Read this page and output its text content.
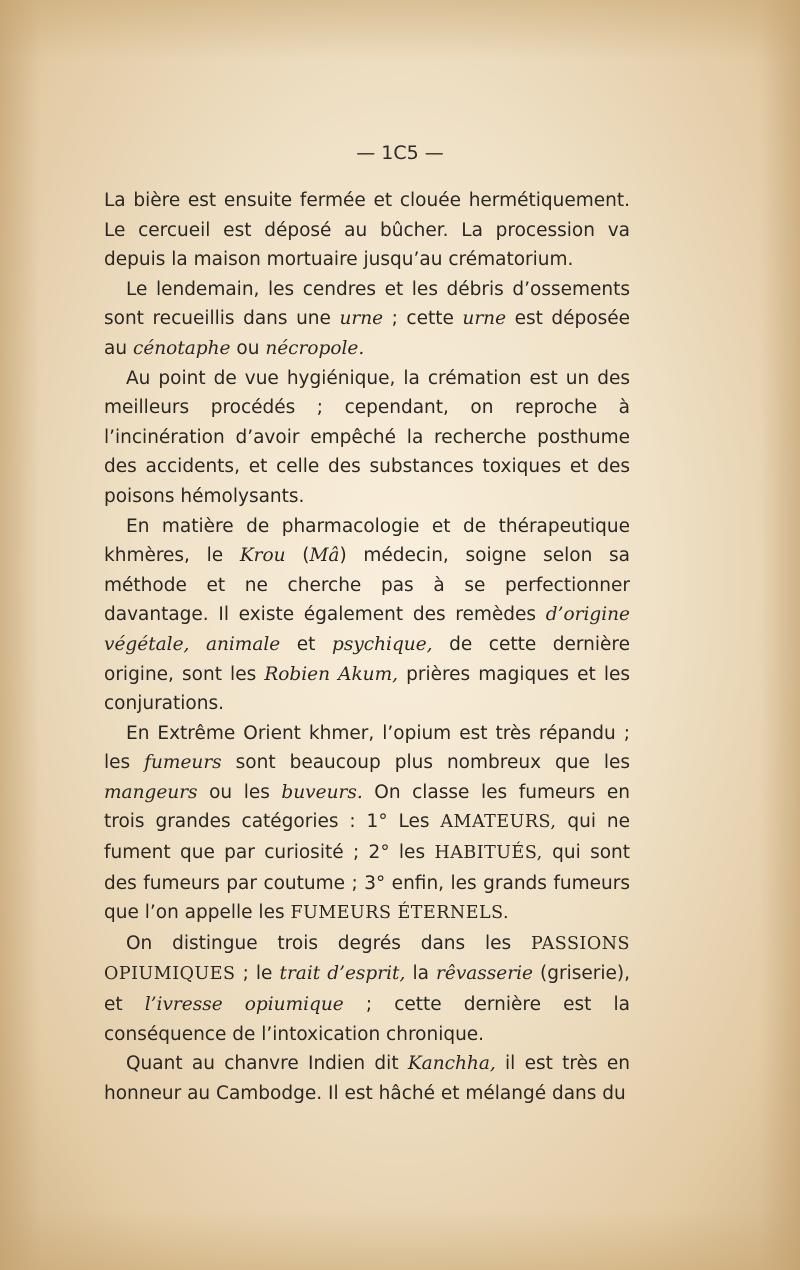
— 1C5 —

La bière est ensuite fermée et clouée hermétiquement. Le cercueil est déposé au bûcher. La procession va depuis la maison mortuaire jusqu’au crématorium.

Le lendemain, les cendres et les débris d’ossements sont recueillis dans une urne ; cette urne est déposée au cénotaphe ou nécropole.

Au point de vue hygiénique, la crémation est un des meilleurs procédés ; cependant, on reproche à l’incinération d’avoir empêché la recherche posthume des accidents, et celle des substances toxiques et des poisons hémolysants.

En matière de pharmacologie et de thérapeutique khmères, le Krou (Mâ) médecin, soigne selon sa méthode et ne cherche pas à se perfectionner davantage. Il existe également des remèdes d’origine végétale, animale et psychique, de cette dernière origine, sont les Robien Akum, prières magiques et les conjurations.

En Extrême Orient khmer, l’opium est très répandu ; les fumeurs sont beaucoup plus nombreux que les mangeurs ou les buveurs. On classe les fumeurs en trois grandes catégories : 1° Les AMATEURS, qui ne fument que par curiosité ; 2° les HABITUÉS, qui sont des fumeurs par coutume ; 3° enfin, les grands fumeurs que l’on appelle les FUMEURS ÉTERNELS.

On distingue trois degrés dans les PASSIONS OPIUMIQUES ; le trait d’esprit, la rêvasserie (griserie), et l’ivresse opiumique ; cette dernière est la conséquence de l’intoxication chronique.

Quant au chanvre Indien dit Kanchha, il est très en honneur au Cambodge. Il est hâché et mélangé dans du
